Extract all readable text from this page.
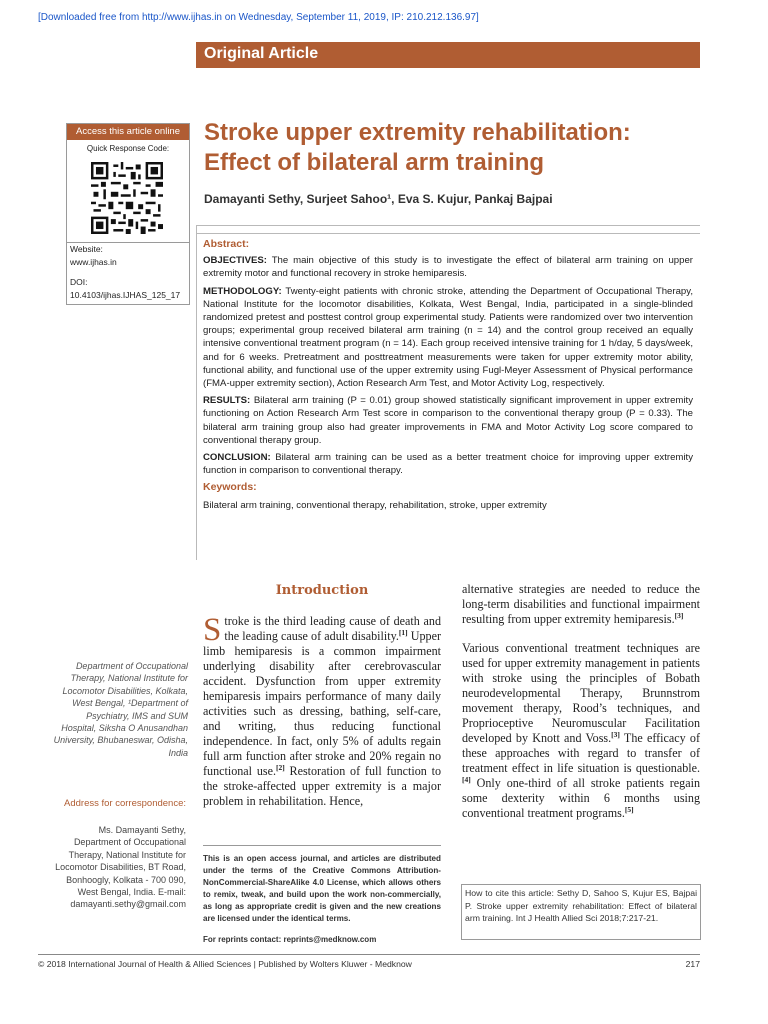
[Downloaded free from http://www.ijhas.in on Wednesday, September 11, 2019, IP: 210.212.136.97]
Original Article
Access this article online
Quick Response Code:
Website:
www.ijhas.in
DOI:
10.4103/ijhas.IJHAS_125_17
Stroke upper extremity rehabilitation:
Effect of bilateral arm training
Damayanti Sethy, Surjeet Sahoo¹, Eva S. Kujur, Pankaj Bajpai

Abstract:

OBJECTIVES: The main objective of this study is to investigate the effect of bilateral arm training on upper extremity motor and functional recovery in stroke hemiparesis.

METHODOLOGY: Twenty-eight patients with chronic stroke, attending the Department of Occupational Therapy, National Institute for the locomotor disabilities, Kolkata, West Bengal, India, participated in a single-blinded randomized pretest and posttest control group experimental study. Patients were randomized over two intervention groups; experimental group received bilateral arm training (n = 14) and the control group received an equally intensive conventional treatment program (n = 14). Each group received intensive training for 1 h/day, 5 days/week, and for 6 weeks. Pretreatment and posttreatment measurements were taken for upper extremity motor ability, functional ability, and functional use of the upper extremity using Fugl-Meyer Assessment of Physical performance (FMA-upper extremity section), Action Research Arm Test, and Motor Activity Log, respectively.

RESULTS: Bilateral arm training (P = 0.01) group showed statistically significant improvement in upper extremity functioning on Action Research Arm Test score in comparison to the conventional therapy group (P = 0.33). The bilateral arm training group also had greater improvements in FMA and Motor Activity Log score compared to conventional therapy group.

CONCLUSION: Bilateral arm training can be used as a better treatment choice for improving upper extremity function in comparison to conventional therapy.

Keywords:

Bilateral arm training, conventional therapy, rehabilitation, stroke, upper extremity

Department of Occupational Therapy, National Institute for Locomotor Disabilities, Kolkata, West Bengal, ¹Department of Psychiatry, IMS and SUM Hospital, Siksha O Anusandhan University, Bhubaneswar, Odisha, India
Address for correspondence:
Ms. Damayanti Sethy, Department of Occupational Therapy, National Institute for Locomotor Disabilities, BT Road, Bonhoogly, Kolkata - 700 090, West Bengal, India. E-mail: damayanti.sethy@gmail.com
Introduction

Stroke is the third leading cause of death and the leading cause of adult disability.[1] Upper limb hemiparesis is a common impairment underlying disability after cerebrovascular accident. Dysfunction from upper extremity hemiparesis impairs performance of many daily activities such as dressing, bathing, self-care, and writing, thus reducing functional independence. In fact, only 5% of adults regain full arm function after stroke and 20% regain no functional use.[2] Restoration of full function to the stroke-affected upper extremity is a major problem in rehabilitation. Hence,

alternative strategies are needed to reduce the long-term disabilities and functional impairment resulting from upper extremity hemiparesis.[3]

Various conventional treatment techniques are used for upper extremity management in patients with stroke using the principles of Bobath neurodevelopmental Therapy, Brunnstrom movement therapy, Rood’s techniques, and Proprioceptive Neuromuscular Facilitation developed by Knott and Voss.[3] The efficacy of these approaches with regard to transfer of treatment effect in life situation is questionable.[4] Only one-third of all stroke patients regain some dexterity within 6 months using conventional treatment programs.[5]

This is an open access journal, and articles are distributed under the terms of the Creative Commons Attribution-NonCommercial-ShareAlike 4.0 License, which allows others to remix, tweak, and build upon the work non-commercially, as long as appropriate credit is given and the new creations are licensed under the identical terms.
For reprints contact: reprints@medknow.com
How to cite this article: Sethy D, Sahoo S, Kujur ES, Bajpai P. Stroke upper extremity rehabilitation: Effect of bilateral arm training. Int J Health Allied Sci 2018;7:217-21.
© 2018 International Journal of Health & Allied Sciences | Published by Wolters Kluwer - Medknow	217
